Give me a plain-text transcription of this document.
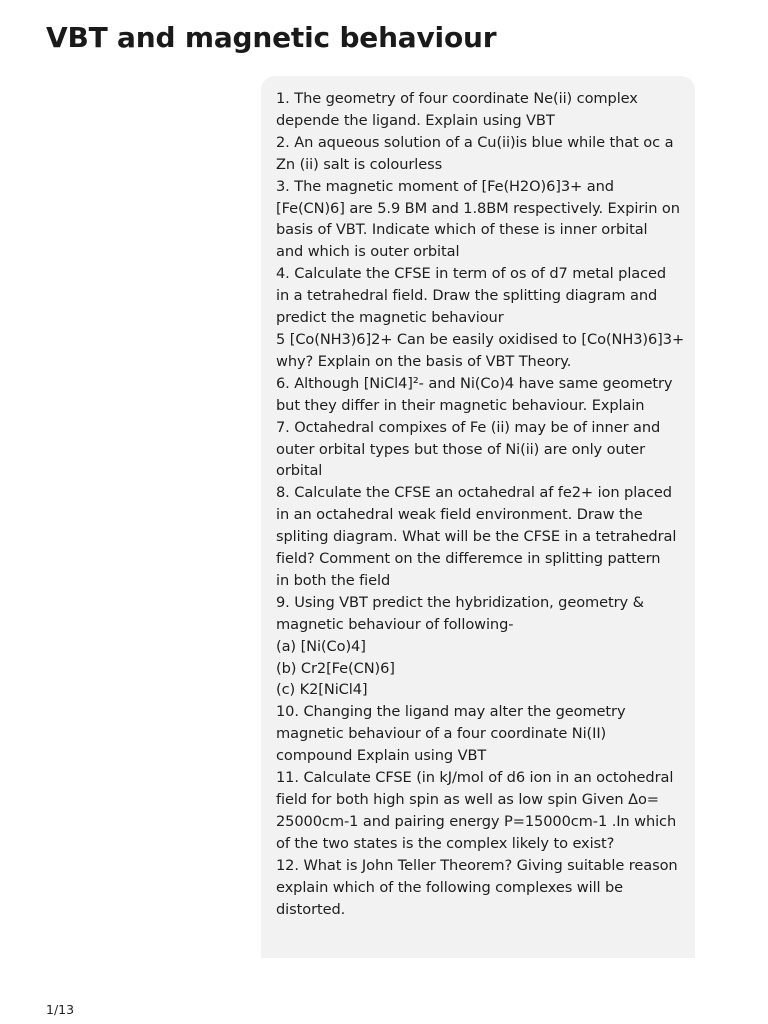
VBT and magnetic behaviour

1. The geometry of four coordinate Ne(ii) complex
depende the ligand. Explain using VBT
2. An aqueous solution of a Cu(ii)is blue while that oc a
Zn (ii) salt is colourless
3. The magnetic moment of [Fe(H2O)6]3+ and
[Fe(CN)6] are 5.9 BM and 1.8BM respectively. Expirin on
basis of VBT. Indicate which of these is inner orbital
and which is outer orbital
4. Calculate the CFSE in term of os of d7 metal placed
in a tetrahedral field. Draw the splitting diagram and
predict the magnetic behaviour
5 [Co(NH3)6]2+ Can be easily oxidised to [Co(NH3)6]3+
why? Explain on the basis of VBT Theory.
6. Although [NiCl4]²- and Ni(Co)4 have same geometry
but they differ in their magnetic behaviour. Explain
7. Octahedral compixes of Fe (ii) may be of inner and
outer orbital types but those of Ni(ii) are only outer
orbital
8. Calculate the CFSE an octahedral af fe2+ ion placed
in an octahedral weak field environment. Draw the
spliting diagram. What will be the CFSE in a tetrahedral
field? Comment on the differemce in splitting pattern
in both the field
9. Using VBT predict the hybridization, geometry &
magnetic behaviour of following-
(a) [Ni(Co)4]
(b) Cr2[Fe(CN)6]
(c) K2[NiCl4]
10. Changing the ligand may alter the geometry
magnetic behaviour of a four coordinate Ni(II)
compound Explain using VBT
11. Calculate CFSE (in kJ/mol of d6 ion in an octohedral
field for both high spin as well as low spin Given Δo=
25000cm-1 and pairing energy P=15000cm-1 .In which
of the two states is the complex likely to exist?
12. What is John Teller Theorem? Giving suitable reason
explain which of the following complexes will be
distorted.

1/13
